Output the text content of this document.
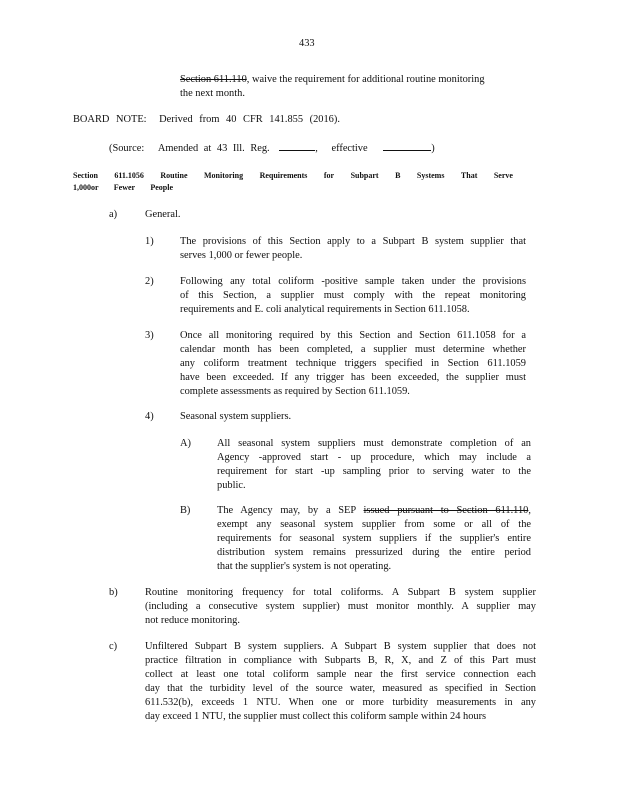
433
Section 611.110, waive the requirement for additional routine monitoring
the next month.
BOARD NOTE: Derived from 40 CFR 141.855 (2016).
(Source: Amended at 43 Ill. Reg.	, effective	)
Section 611.1056 Routine Monitoring Requirements for Subpart B Systems That Serve
1,000or Fewer People
a)	General.
1)	The provisions of this Section apply to a Subpart B system supplier that
serves 1,000 or fewer people.
2)	Following any total coliform -positive sample taken under the provisions
of this Section, a supplier must comply with the repeat monitoring
requirements and E. coli analytical requirements in Section 611.1058.
3)	Once all monitoring required by this Section and Section 611.1058 for a
calendar month has been completed, a supplier must determine whether
any coliform treatment technique triggers specified in Section 611.1059
have been exceeded. If any trigger has been exceeded, the supplier must
complete assessments as required by Section 611.1059.
4)	Seasonal system suppliers.
A)	All seasonal system suppliers must demonstrate completion of an
Agency -approved start - up procedure, which may include a
requirement for start -up sampling prior to serving water to the
public.
B)	The Agency may, by a SEP issued pursuant to Section 611.110,
exempt any seasonal system supplier from some or all of the
requirements for seasonal system suppliers if the supplier's entire
distribution system remains pressurized during the entire period
that the supplier's system is not operating.
b)	Routine monitoring frequency for total coliforms. A Subpart B system supplier
(including a consecutive system supplier) must monitor monthly. A supplier may
not reduce monitoring.
c)	Unfiltered Subpart B system suppliers. A Subpart B system supplier that does not
practice filtration in compliance with Subparts B, R, X, and Z of this Part must
collect at least one total coliform sample near the first service connection each
day that the turbidity level of the source water, measured as specified in Section
611.532(b), exceeds 1 NTU. When one or more turbidity measurements in any
day exceed 1 NTU, the supplier must collect this coliform sample within 24 hours
